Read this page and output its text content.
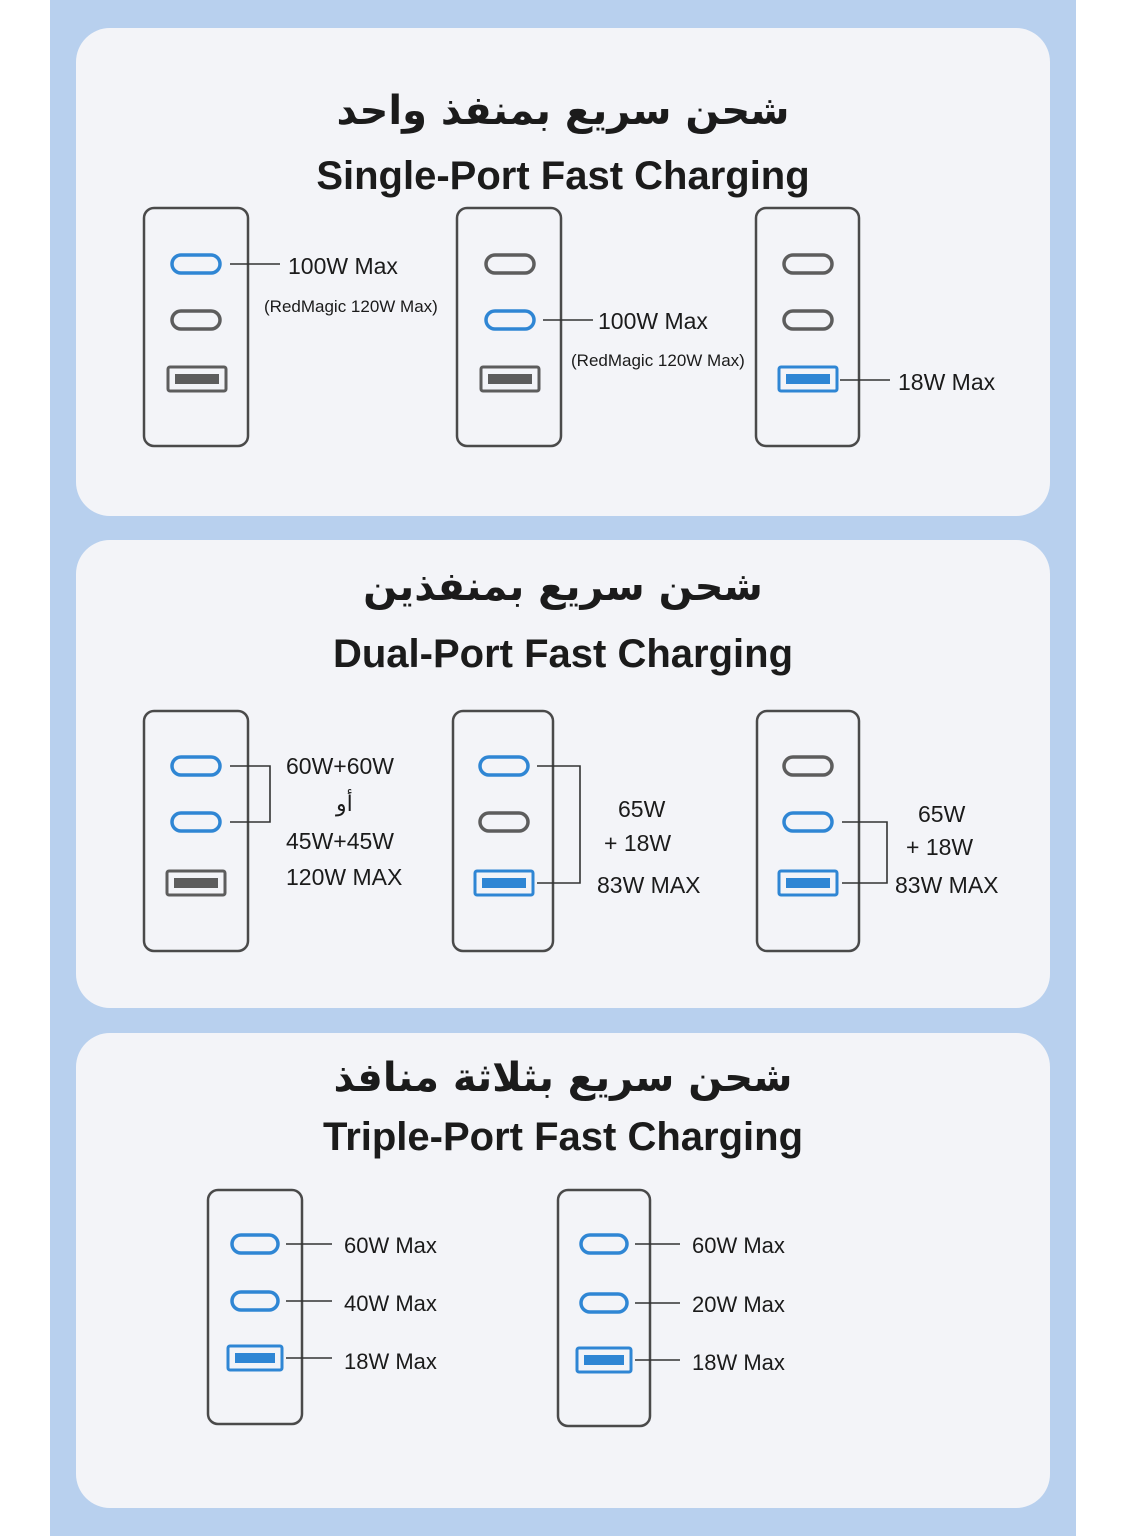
شحن سريع بمنفذ واحد
Single-Port Fast Charging
شحن سريع بمنفذين
Dual-Port Fast Charging
شحن سريع بثلاثة منافذ
Triple-Port Fast Charging
100W Max
(RedMagic 120W Max)
100W Max
(RedMagic 120W Max)
18W Max
60W+60W
أو
45W+45W
120W MAX
65W
+ 18W
83W MAX
65W
+ 18W
83W MAX
60W Max
40W Max
18W Max
60W Max
20W Max
18W Max
